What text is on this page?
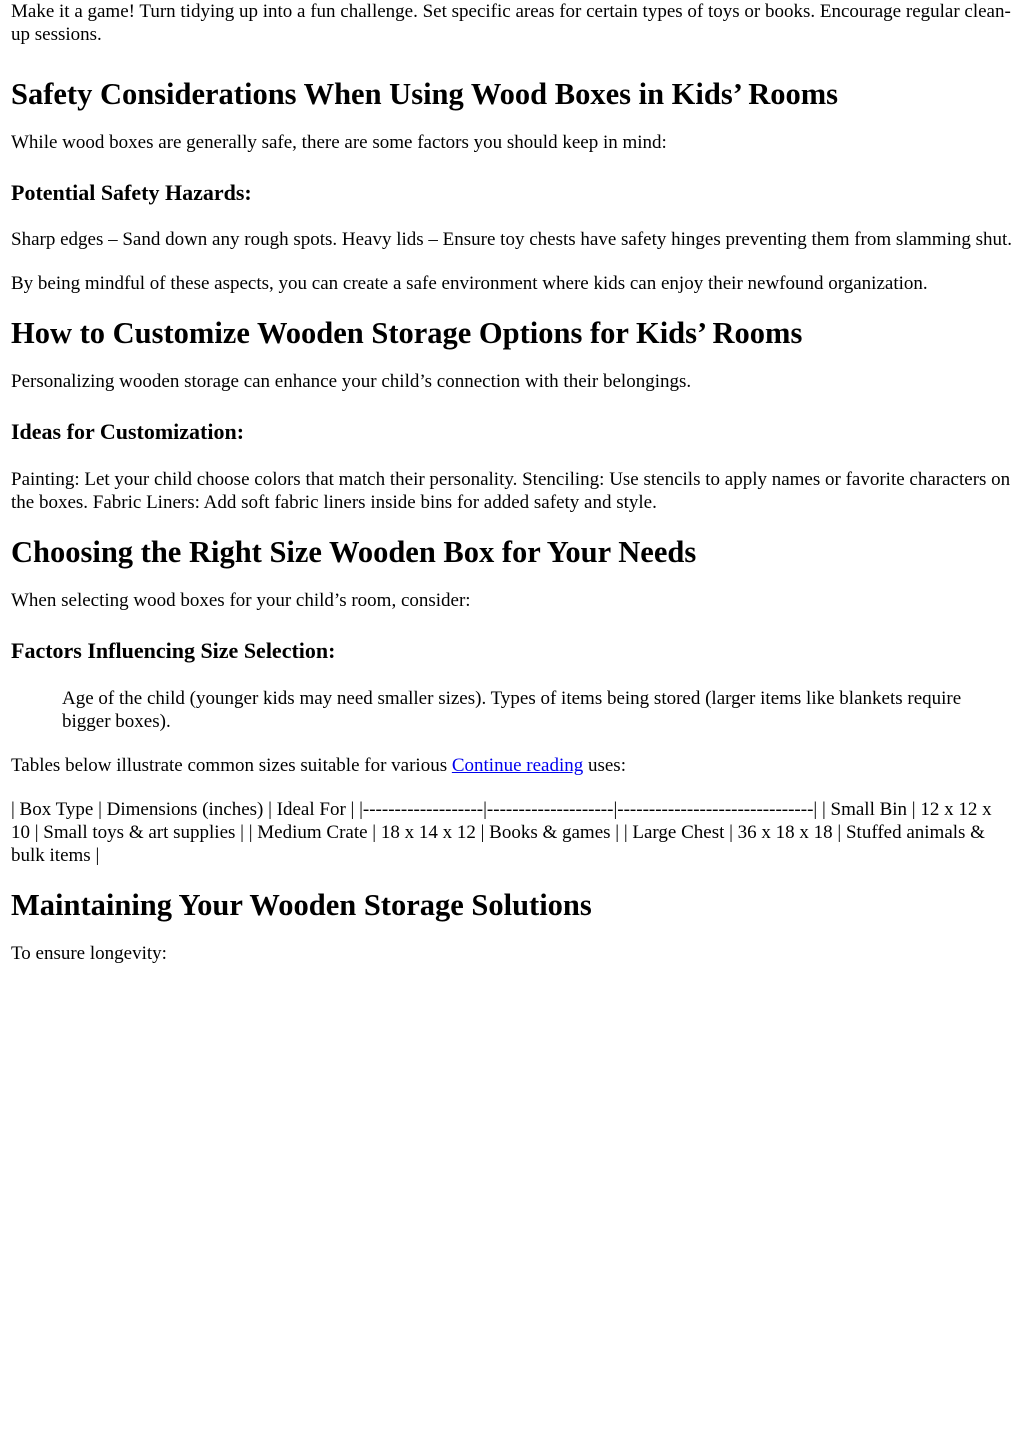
Make it a game! Turn tidying up into a fun challenge. Set specific areas for certain types of toys or books. Encourage regular clean-up sessions.

Safety Considerations When Using Wood Boxes in Kids’ Rooms

While wood boxes are generally safe, there are some factors you should keep in mind:

Potential Safety Hazards:

Sharp edges – Sand down any rough spots. Heavy lids – Ensure toy chests have safety hinges preventing them from slamming shut.

By being mindful of these aspects, you can create a safe environment where kids can enjoy their newfound organization.

How to Customize Wooden Storage Options for Kids’ Rooms

Personalizing wooden storage can enhance your child’s connection with their belongings.

Ideas for Customization:

Painting: Let your child choose colors that match their personality. Stenciling: Use stencils to apply names or favorite characters on the boxes. Fabric Liners: Add soft fabric liners inside bins for added safety and style.

Choosing the Right Size Wooden Box for Your Needs

When selecting wood boxes for your child’s room, consider:

Factors Influencing Size Selection:

Age of the child (younger kids may need smaller sizes). Types of items being stored (larger items like blankets require bigger boxes).

Tables below illustrate common sizes suitable for various Continue reading uses:

| Box Type | Dimensions (inches) | Ideal For | |-------------------|--------------------|-------------------------------| | Small Bin | 12 x 12 x 10 | Small toys & art supplies | | Medium Crate | 18 x 14 x 12 | Books & games | | Large Chest | 36 x 18 x 18 | Stuffed animals & bulk items |

Maintaining Your Wooden Storage Solutions

To ensure longevity:
